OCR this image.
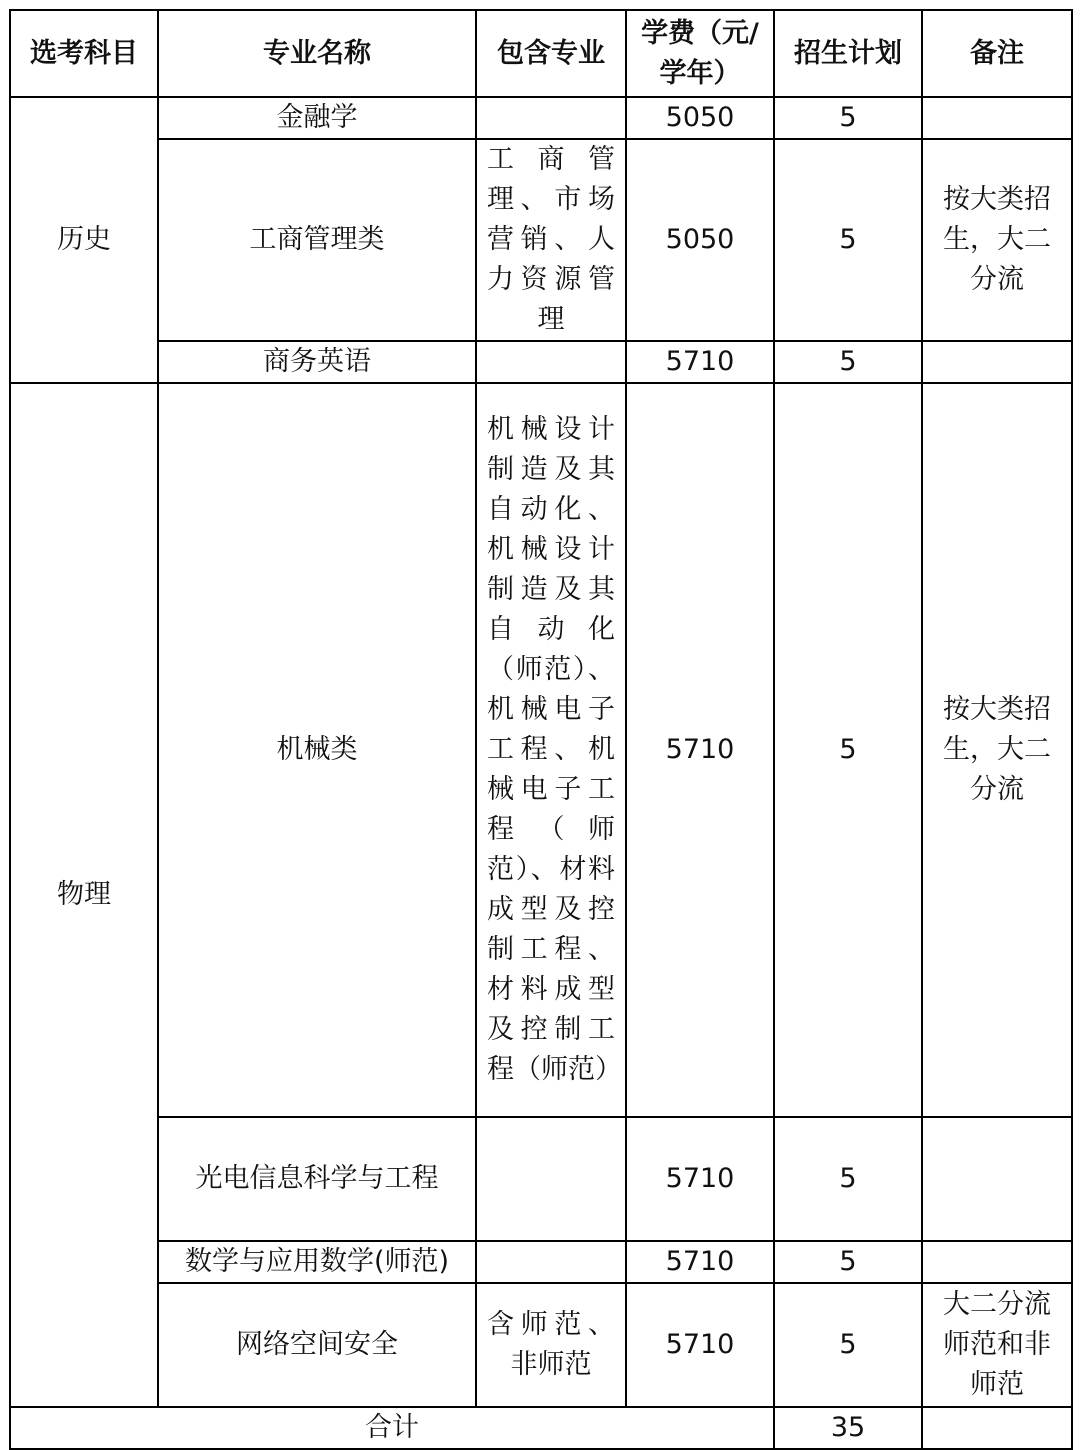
选考科目	专业名称	包含专业	学费（元/学年）	招生计划	备注
历史	金融学		5050	5	
	工商管理类	工商管理、市场营销、人力资源管理	5050	5	按大类招生，大二分流
	商务英语		5710	5	
物理	机械类	机械设计制造及其自动化、机械设计制造及其自动化（师范）、机械电子工程、机械电子工程（师范）、材料成型及控制工程、材料成型及控制工程（师范）	5710	5	按大类招生，大二分流
	光电信息科学与工程		5710	5	
	数学与应用数学(师范)		5710	5	
	网络空间安全	含师范、非师范	5710	5	大二分流师范和非师范
合计				35	
